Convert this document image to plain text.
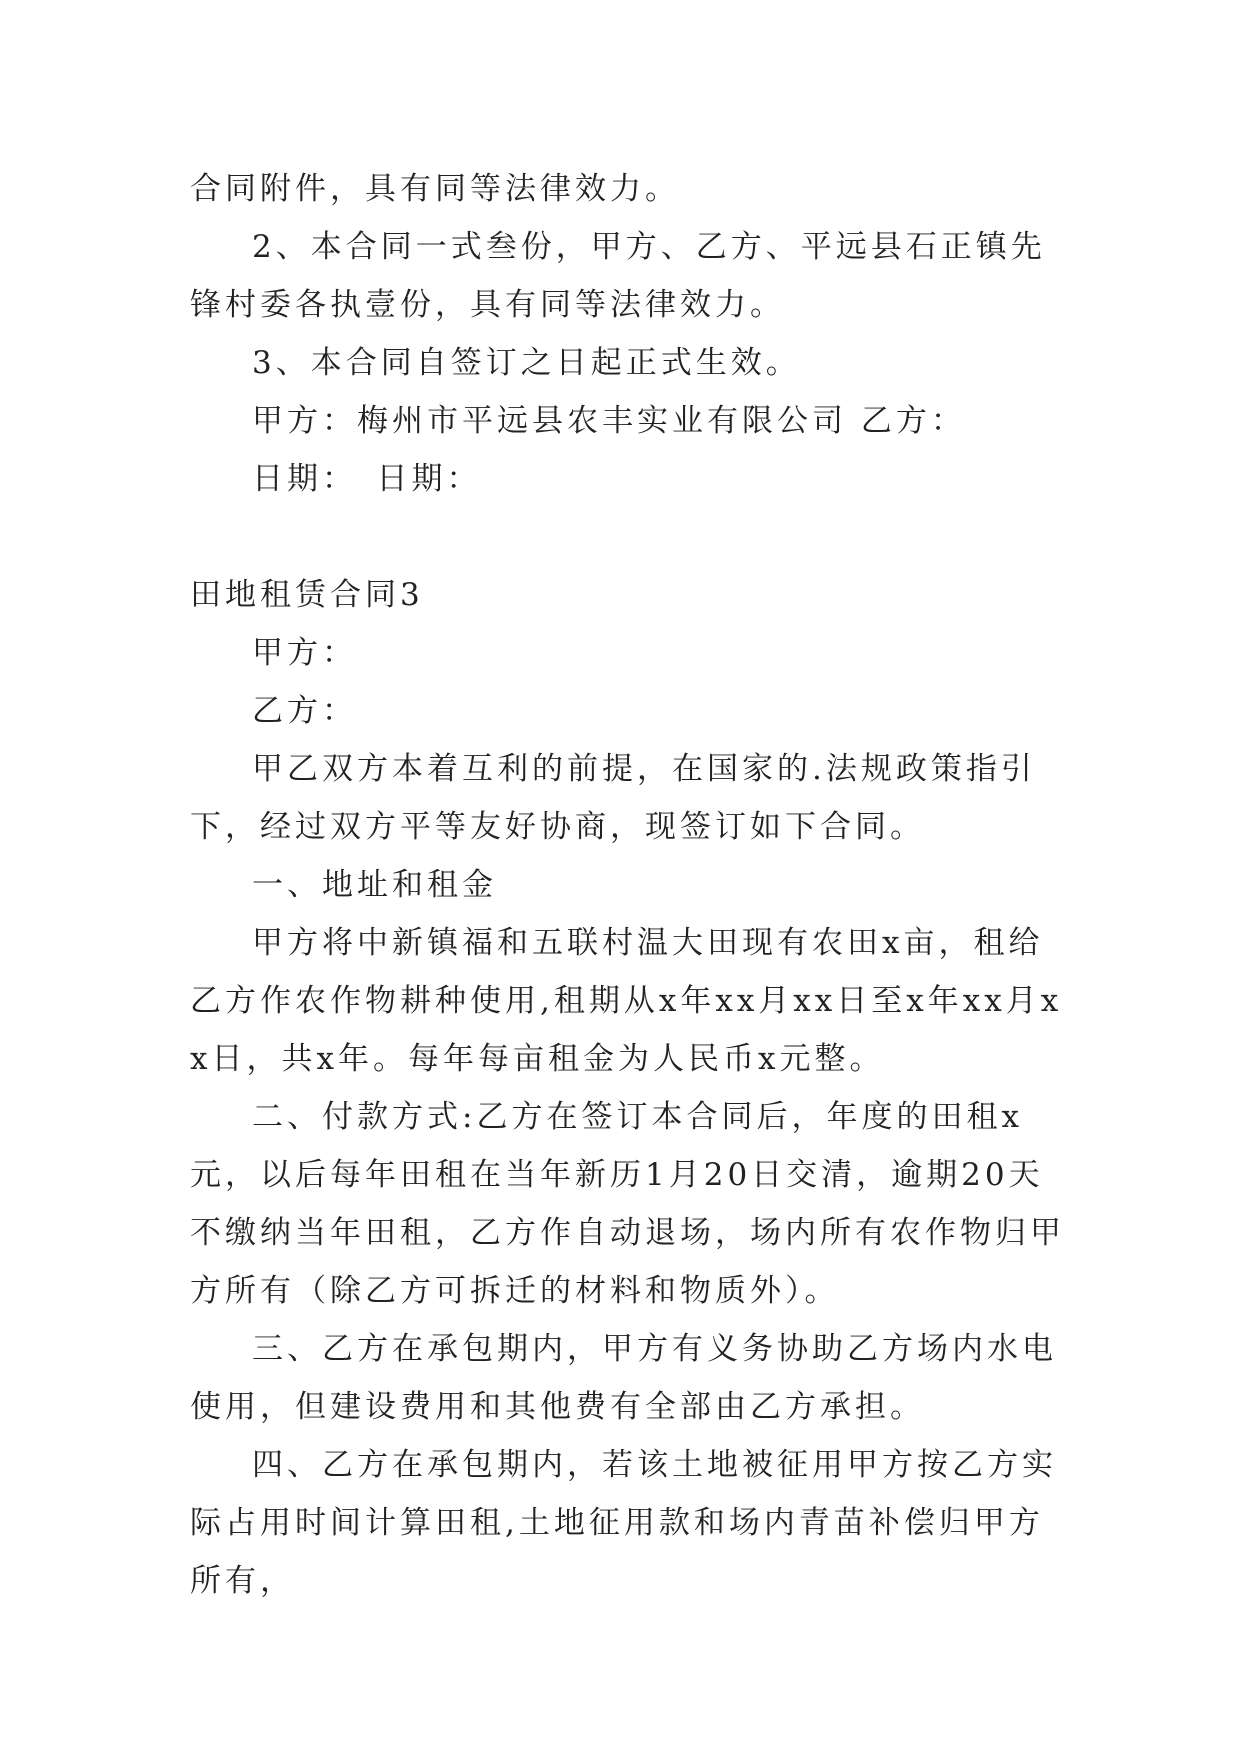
合同附件，具有同等法律效力。

2、本合同一式叁份，甲方、乙方、平远县石正镇先锋村委各执壹份，具有同等法律效力。

3、本合同自签订之日起正式生效。

甲方：梅州市平远县农丰实业有限公司 乙方：

日期：　日期：

田地租赁合同3

甲方：

乙方：

甲乙双方本着互利的前提，在国家的.法规政策指引下，经过双方平等友好协商，现签订如下合同。

一、地址和租金

甲方将中新镇福和五联村温大田现有农田x亩，租给乙方作农作物耕种使用,租期从x年xx月xx日至x年xx月xx日，共x年。每年每亩租金为人民币x元整。

二、付款方式:乙方在签订本合同后，年度的田租x元，以后每年田租在当年新历1月20日交清，逾期20天不缴纳当年田租，乙方作自动退场，场内所有农作物归甲方所有（除乙方可拆迁的材料和物质外）。

三、乙方在承包期内，甲方有义务协助乙方场内水电使用，但建设费用和其他费有全部由乙方承担。

四、乙方在承包期内，若该土地被征用甲方按乙方实际占用时间计算田租,土地征用款和场内青苗补偿归甲方所有，
